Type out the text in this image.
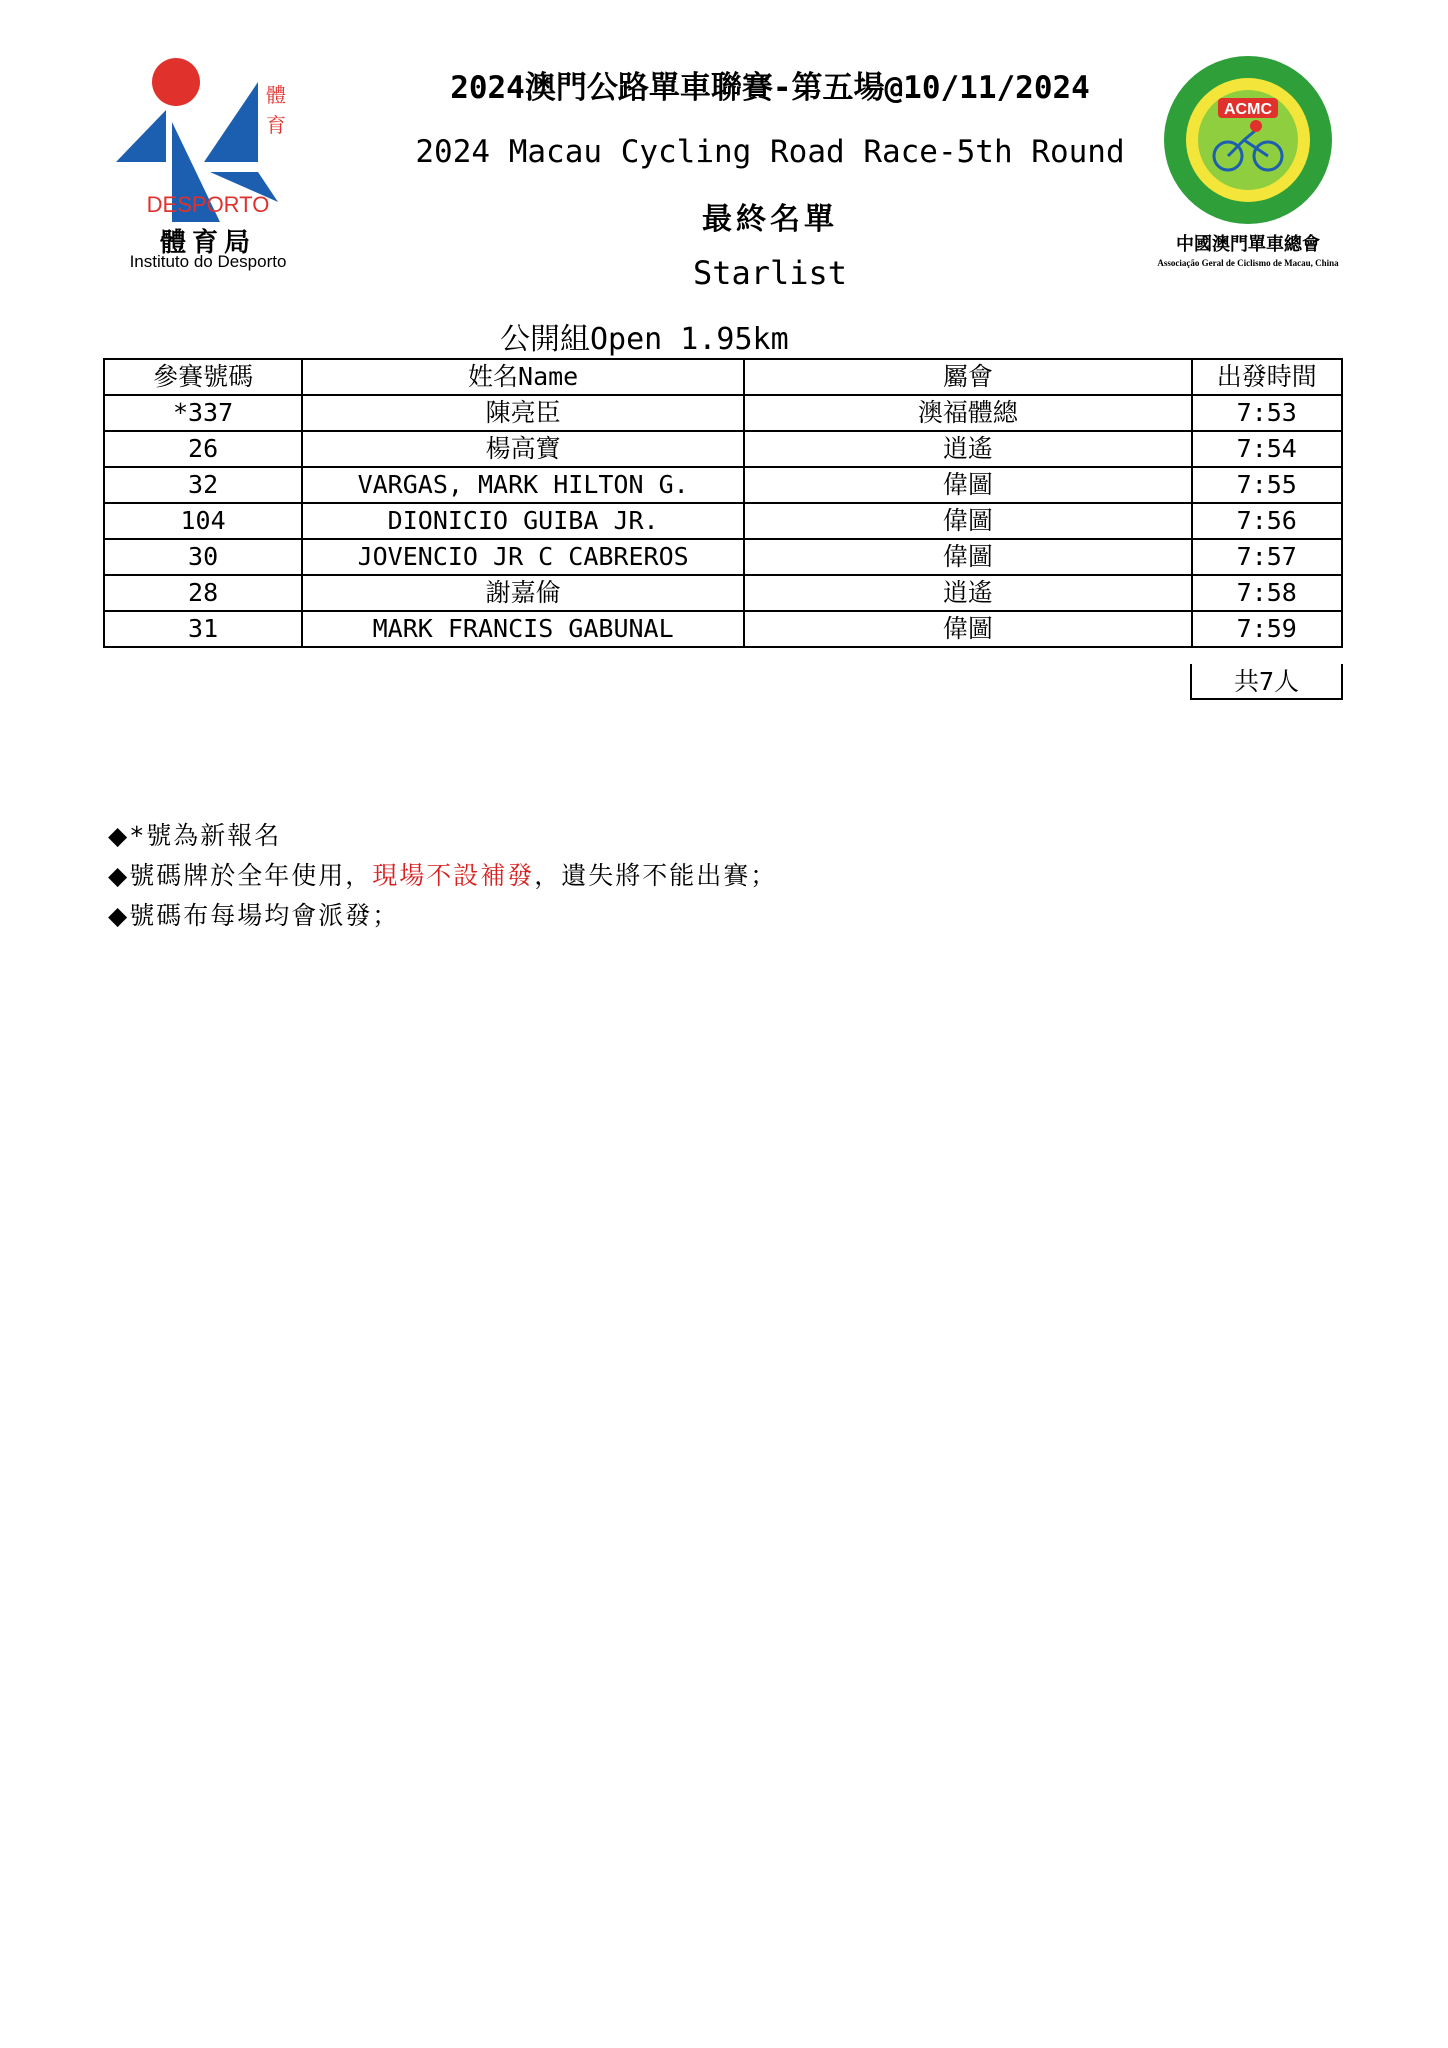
DESPORTO
體
育
體育局
Instituto do Desporto
2024澳門公路單車聯賽-第五場@10/11/2024
2024 Macau Cycling Road Race-5th Round
最終名單
Starlist
ACMC
中國澳門單車總會
Associação Geral de Ciclismo de Macau, China
公開組Open 1.95km
參賽號碼	姓名Name	屬會	出發時間
*337	陳亮臣	澳福體總	7:53
26	楊高寶	逍遙	7:54
32	VARGAS, MARK HILTON G.	偉圖	7:55
104	DIONICIO GUIBA JR.	偉圖	7:56
30	JOVENCIO JR C CABREROS	偉圖	7:57
28	謝嘉倫	逍遙	7:58
31	MARK FRANCIS GABUNAL	偉圖	7:59
共7人
◆*號為新報名
◆號碼牌於全年使用，現場不設補發，遺失將不能出賽；
◆號碼布每場均會派發；
